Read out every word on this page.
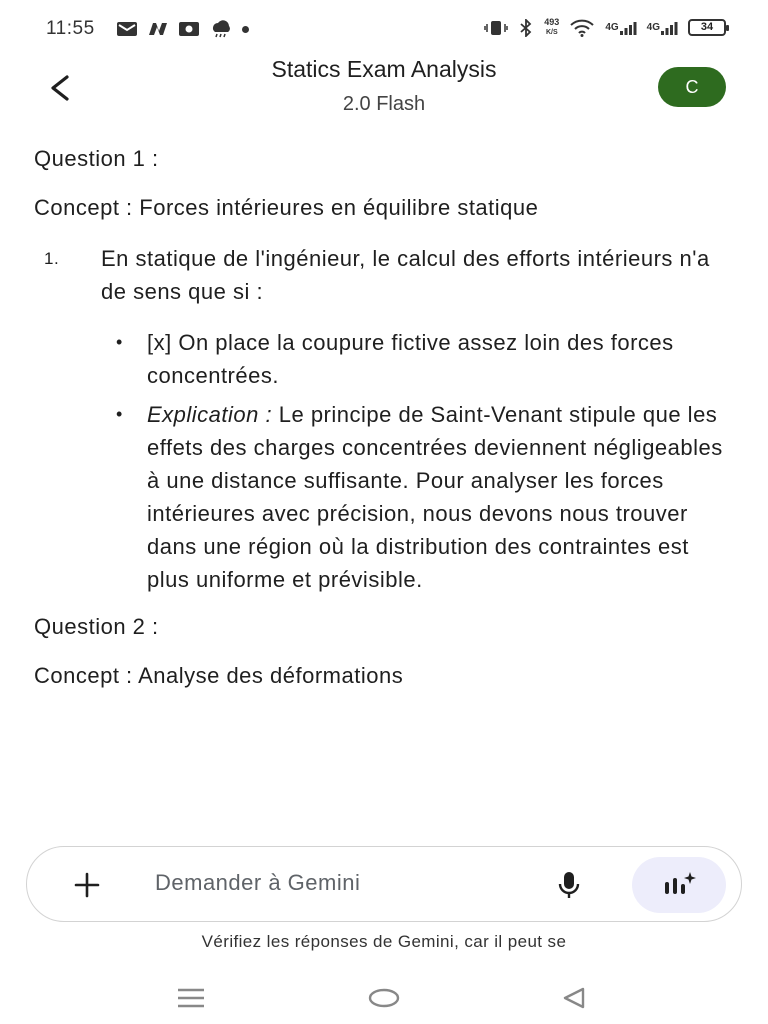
11:55	493
K/S	4G	4G	34
Statics Exam Analysis
2.0 Flash
C
Question 1 :
Concept : Forces intérieures en équilibre statique
1. En statique de l'ingénieur, le calcul des efforts intérieurs n'a de sens que si :
• [x] On place la coupure fictive assez loin des forces concentrées.
• Explication : Le principe de Saint-Venant stipule que les effets des charges concentrées deviennent négligeables à une distance suffisante. Pour analyser les forces intérieures avec précision, nous devons nous trouver dans une région où la distribution des contraintes est plus uniforme et prévisible.
Question 2 :
Concept : Analyse des déformations
Demander à Gemini
Vérifiez les réponses de Gemini, car il peut se
